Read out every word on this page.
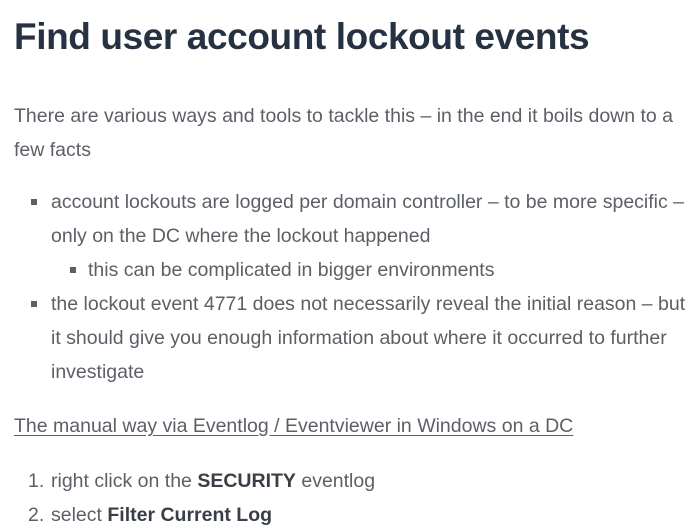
Find user account lockout events

There are various ways and tools to tackle this – in the end it boils down to a few facts

account lockouts are logged per domain controller – to be more specific – only on the DC where the lockout happened
this can be complicated in bigger environments
the lockout event 4771 does not necessarily reveal the initial reason – but it should give you enough information about where it occurred to further investigate
The manual way via Eventlog / Eventviewer in Windows on a DC
1. right click on the SECURITY eventlog
2. select Filter Current Log
